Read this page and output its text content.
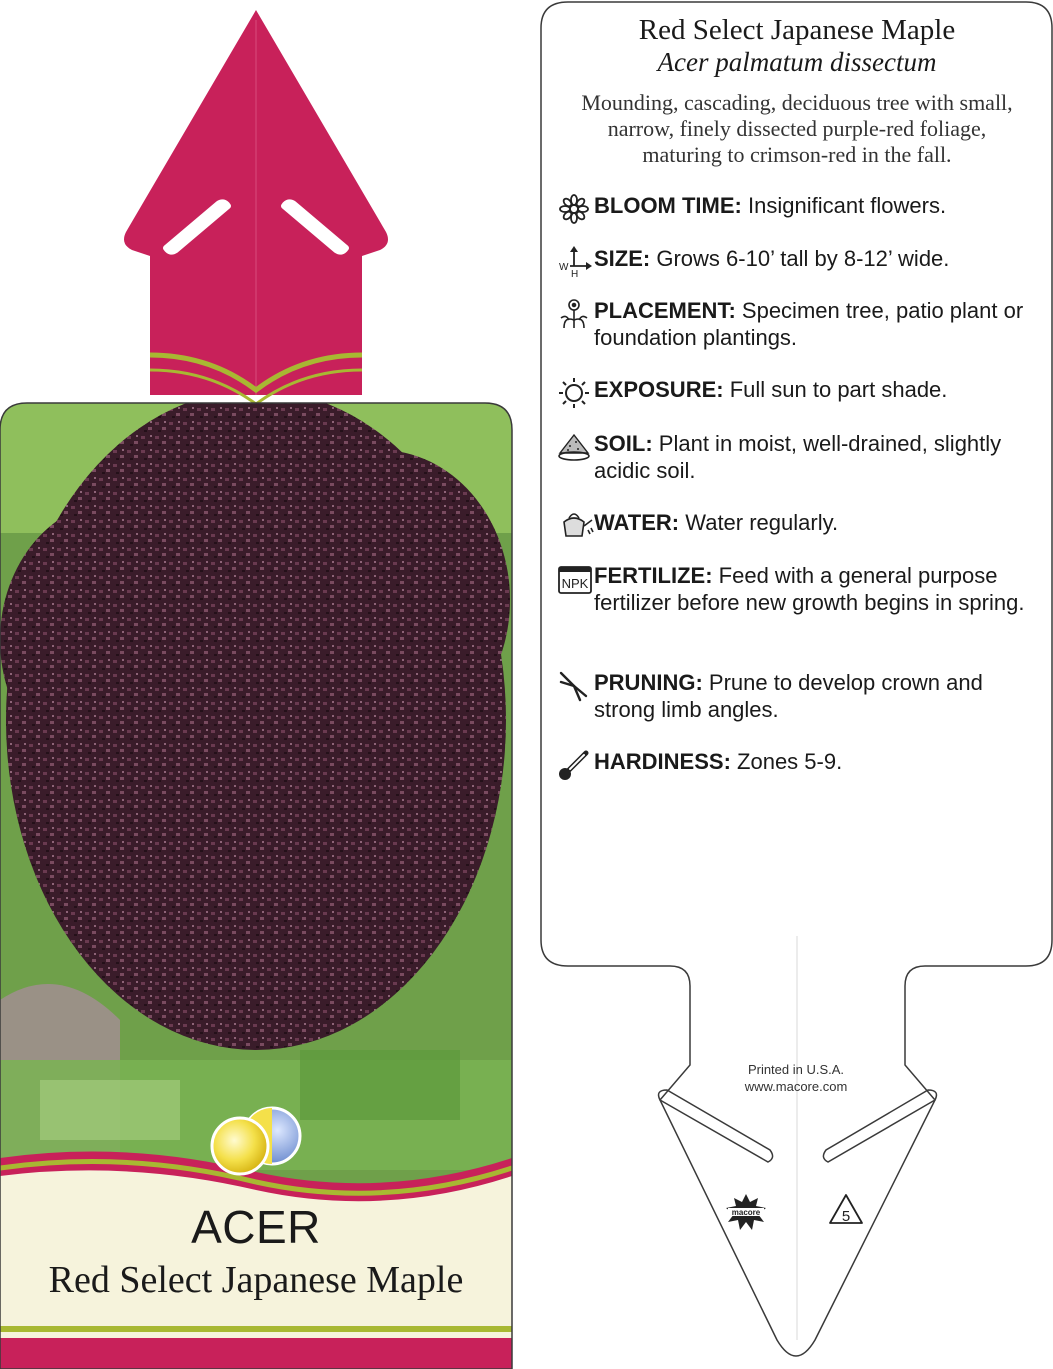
ACER
Red Select Japanese Maple
Red Select Japanese Maple
Acer palmatum dissectum
Mounding, cascading, deciduous tree with small, narrow, finely dissected purple-red foliage, maturing to crimson-red in the fall.
BLOOM TIME: Insignificant flowers.
W
H
SIZE: Grows 6-10’ tall by 8-12’ wide.
PLACEMENT: Specimen tree, patio plant or foundation plantings.
EXPOSURE: Full sun to part shade.
SOIL: Plant in moist, well-drained, slightly acidic soil.
WATER: Water regularly.
NPK FERTILIZE: Feed with a general purpose fertilizer before new growth begins in spring.
PRUNING: Prune to develop crown and strong limb angles.
HARDINESS: Zones 5-9.
Printed in U.S.A.
www.macore.com
macore	5
